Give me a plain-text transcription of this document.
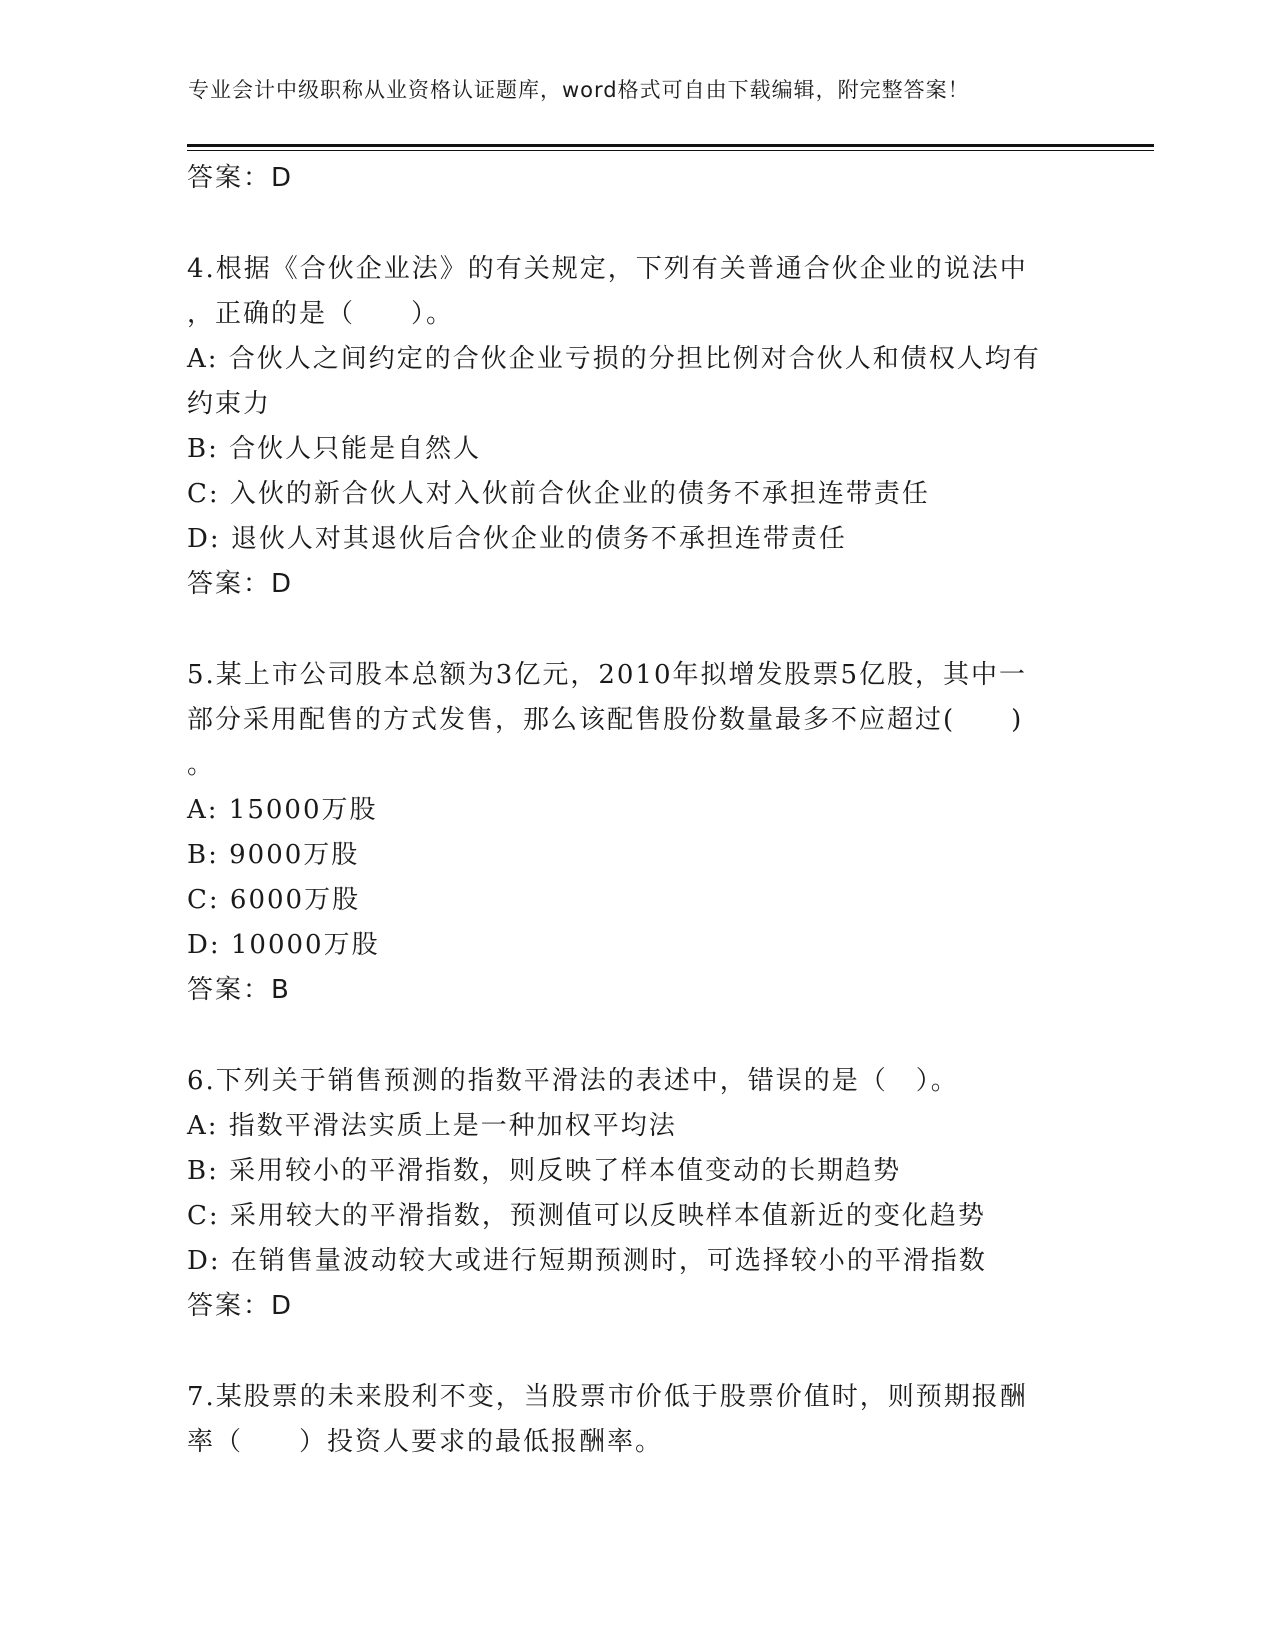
专业会计中级职称从业资格认证题库，word格式可自由下载编辑，附完整答案！
答案：D
4.根据《合伙企业法》的有关规定，下列有关普通合伙企业的说法中
，正确的是（　　）。
A: 合伙人之间约定的合伙企业亏损的分担比例对合伙人和债权人均有
约束力
B: 合伙人只能是自然人
C: 入伙的新合伙人对入伙前合伙企业的债务不承担连带责任
D: 退伙人对其退伙后合伙企业的债务不承担连带责任
答案：D
5.某上市公司股本总额为3亿元，2010年拟增发股票5亿股，其中一
部分采用配售的方式发售，那么该配售股份数量最多不应超过(　　)
。
A: 15000万股
B: 9000万股
C: 6000万股
D: 10000万股
答案：B
6.下列关于销售预测的指数平滑法的表述中，错误的是（　）。
A: 指数平滑法实质上是一种加权平均法
B: 采用较小的平滑指数，则反映了样本值变动的长期趋势
C: 采用较大的平滑指数，预测值可以反映样本值新近的变化趋势
D: 在销售量波动较大或进行短期预测时，可选择较小的平滑指数
答案：D
7.某股票的未来股利不变，当股票市价低于股票价值时，则预期报酬
率（　　）投资人要求的最低报酬率。
